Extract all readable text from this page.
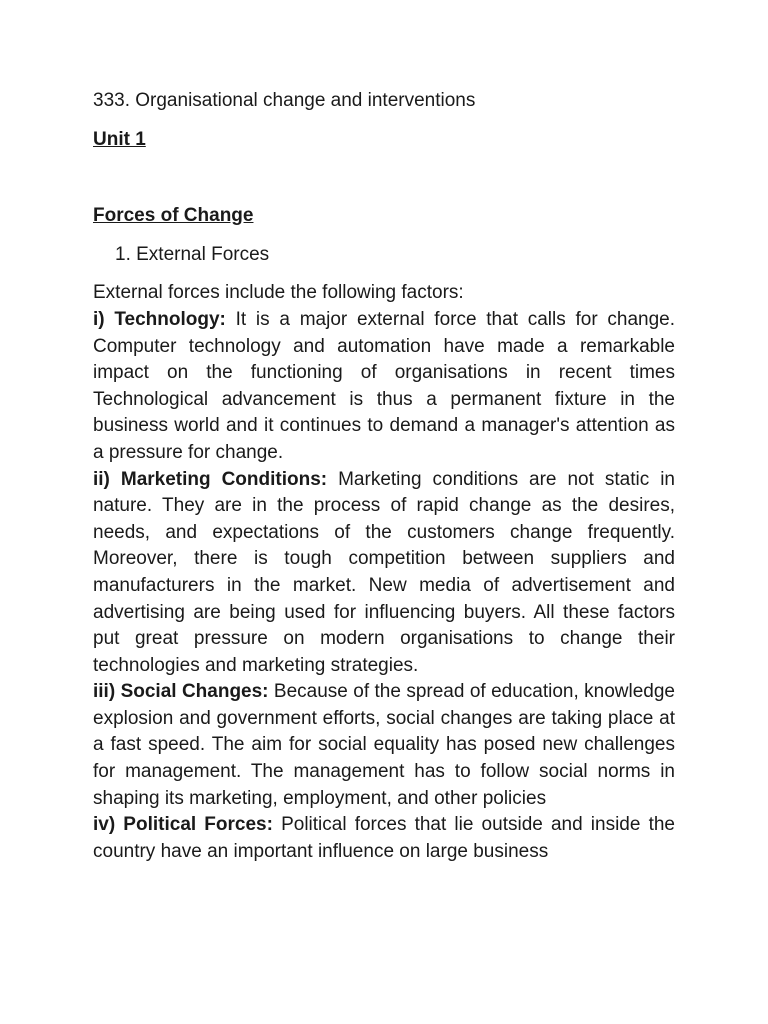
333. Organisational change and interventions

Unit 1

Forces of Change

1. External Forces

External forces include the following factors:

i) Technology: It is a major external force that calls for change. Computer technology and automation have made a remarkable impact on the functioning of organisations in recent times Technological advancement is thus a permanent fixture in the business world and it continues to demand a manager's attention as a pressure for change.

ii) Marketing Conditions: Marketing conditions are not static in nature. They are in the process of rapid change as the desires, needs, and expectations of the customers change frequently. Moreover, there is tough competition between suppliers and manufacturers in the market. New media of advertisement and advertising are being used for influencing buyers. All these factors put great pressure on modern organisations to change their technologies and marketing strategies.

iii) Social Changes: Because of the spread of education, knowledge explosion and government efforts, social changes are taking place at a fast speed. The aim for social equality has posed new challenges for management. The management has to follow social norms in shaping its marketing, employment, and other policies

iv) Political Forces: Political forces that lie outside and inside the country have an important influence on large business
